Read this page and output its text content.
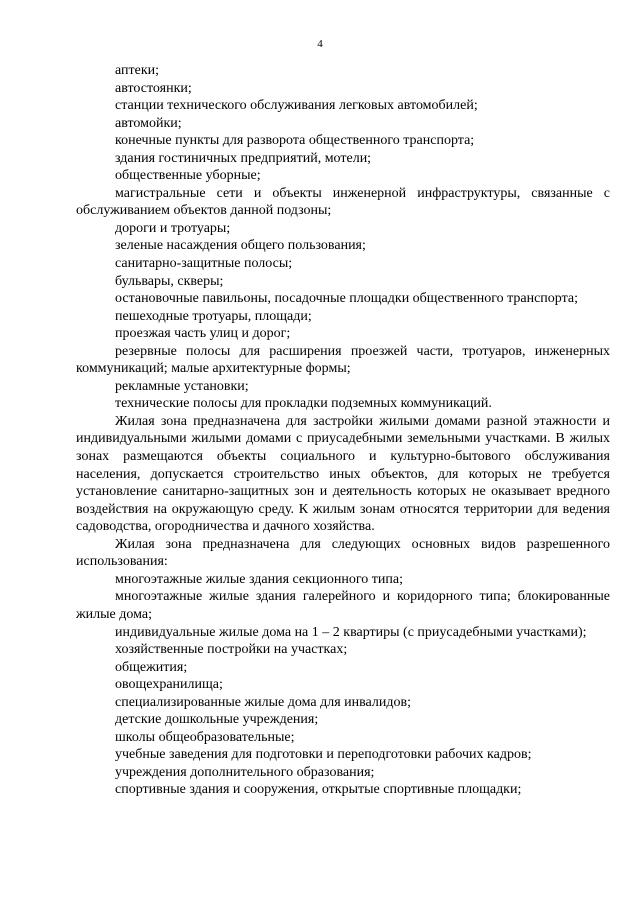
4

аптеки;

автостоянки;

станции технического обслуживания легковых автомобилей;

автомойки;

конечные пункты для разворота общественного транспорта;

здания гостиничных предприятий, мотели;

общественные уборные;

магистральные сети и объекты инженерной инфраструктуры, связанные с обслуживанием объектов данной подзоны;

дороги и тротуары;

зеленые насаждения общего пользования;

санитарно-защитные полосы;

бульвары, скверы;

остановочные павильоны, посадочные площадки общественного транспорта;

пешеходные тротуары, площади;

проезжая часть улиц и дорог;

резервные полосы для расширения проезжей части, тротуаров, инженерных коммуникаций; малые архитектурные формы;

рекламные установки;

технические полосы для прокладки подземных коммуникаций.

Жилая зона предназначена для застройки жилыми домами разной этажности и индивидуальными жилыми домами с приусадебными земельными участками. В жилых зонах размещаются объекты социального и культурно-бытового обслуживания населения, допускается строительство иных объектов, для которых не требуется установление санитарно-защитных зон и деятельность которых не оказывает вредного воздействия на окружающую среду. К жилым зонам относятся территории для ведения садоводства, огородничества и дачного хозяйства.

Жилая зона предназначена для следующих основных видов разрешенного использования:

многоэтажные жилые здания секционного типа;

многоэтажные жилые здания галерейного и коридорного типа; блокированные жилые дома;

индивидуальные жилые дома на 1 – 2 квартиры (с приусадебными участками);

хозяйственные постройки на участках;

общежития;

овощехранилища;

специализированные жилые дома для инвалидов;

детские дошкольные учреждения;

школы общеобразовательные;

учебные заведения для подготовки и переподготовки рабочих кадров;

учреждения дополнительного образования;

спортивные здания и сооружения, открытые спортивные площадки;
